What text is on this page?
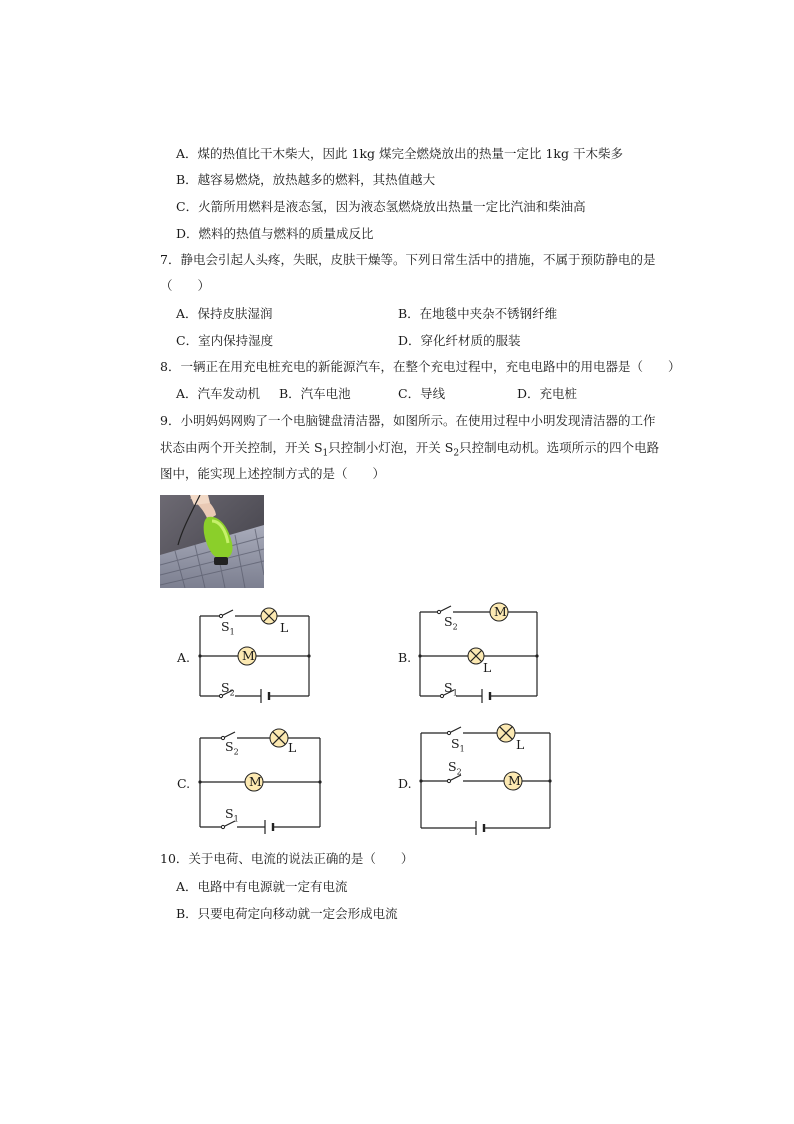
A．煤的热值比干木柴大，因此 1kg 煤完全燃烧放出的热量一定比 1kg 干木柴多
B．越容易燃烧，放热越多的燃料，其热值越大
C．火箭所用燃料是液态氢，因为液态氢燃烧放出热量一定比汽油和柴油高
D．燃料的热值与燃料的质量成反比
7．静电会引起人头疼，失眠，皮肤干燥等。下列日常生活中的措施，不属于预防静电的是
（　　）
A．保持皮肤湿润	B．在地毯中夹杂不锈钢纤维
C．室内保持湿度	D．穿化纤材质的服装
8．一辆正在用充电桩充电的新能源汽车，在整个充电过程中，充电电路中的用电器是（　　）
A．汽车发动机 B．汽车电池	C．导线	D．充电桩
9．小明妈妈网购了一个电脑键盘清洁器，如图所示。在使用过程中小明发现清洁器的工作
状态由两个开关控制，开关 $S_1$只控制小灯泡，开关 $S_2$只控制电动机。选项所示的四个电路
图中，能实现上述控制方式的是（　　）
A.	M
$S_1$	L
$S_2$
B.
M
$S_2$
L
$S_1$
C.	M
$S_2$	L
$S_1$
D.	M
$S_1$	L
$S_2$
10．关于电荷、电流的说法正确的是（　　）
A．电路中有电源就一定有电流
B．只要电荷定向移动就一定会形成电流
